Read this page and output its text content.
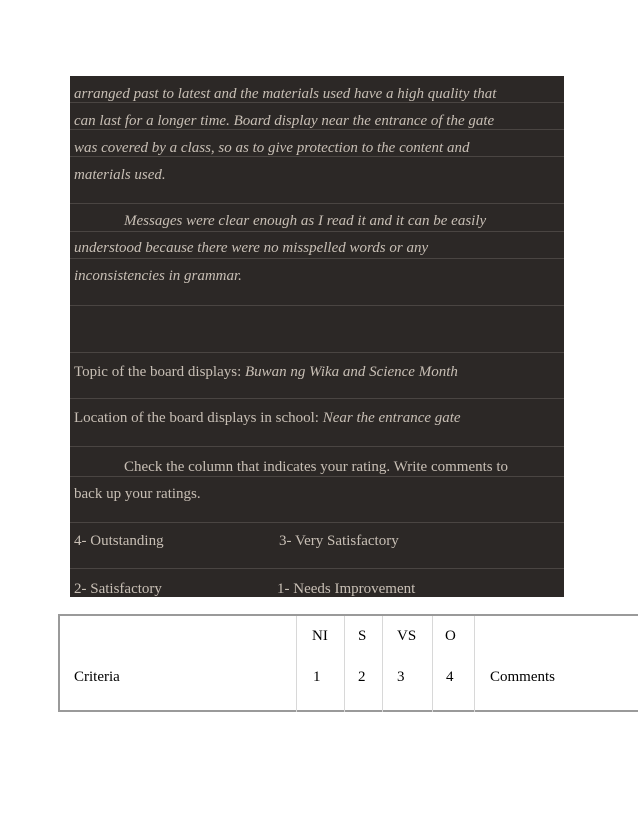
arranged past to latest and the materials used have a high quality that
can last for a longer time. Board display near the entrance of the gate
was covered by a class, so as to give protection to the content and
materials used.
Messages were clear enough as I read it and it can be easily
understood because there were no misspelled words or any
inconsistencies in grammar.
Topic of the board displays: Buwan ng Wika and Science Month
Location of the board displays in school: Near the entrance gate
Check the column that indicates your rating. Write comments to
back up your ratings.
4- Outstanding	3- Very Satisfactory
2- Satisfactory	1- Needs Improvement
Criteria
NI
1
S
2
VS
3
O
4 Comments
